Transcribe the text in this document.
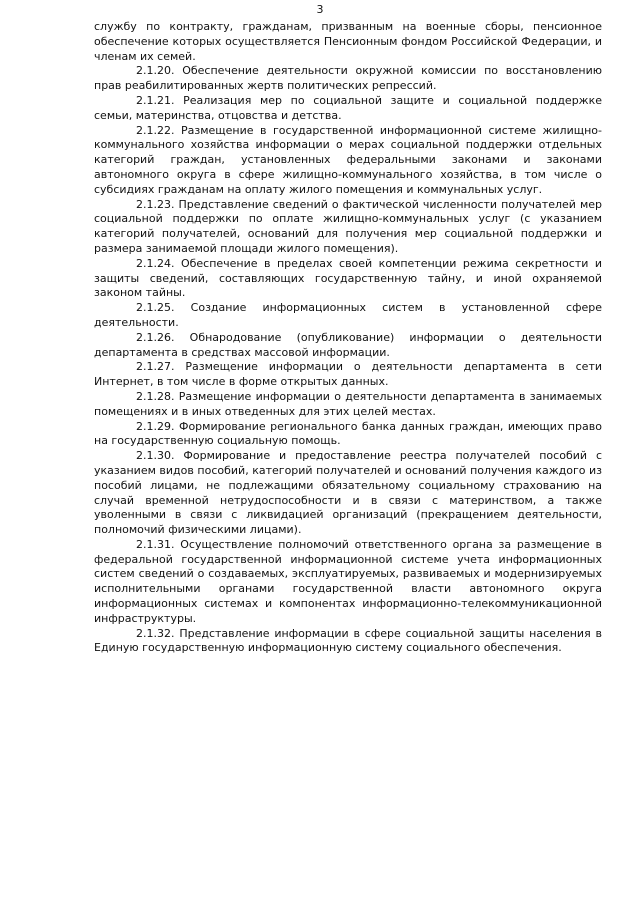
3

службу по контракту, гражданам, призванным на военные сборы, пенсионное обеспечение которых осуществляется Пенсионным фондом Российской Федерации, и членам их семей.

2.1.20. Обеспечение деятельности окружной комиссии по восстановлению прав реабилитированных жертв политических репрессий.

2.1.21. Реализация мер по социальной защите и социальной поддержке семьи, материнства, отцовства и детства.

2.1.22. Размещение в государственной информационной системе жилищно-коммунального хозяйства информации о мерах социальной поддержки отдельных категорий граждан, установленных федеральными законами и законами автономного округа в сфере жилищно-коммунального хозяйства, в том числе о субсидиях гражданам на оплату жилого помещения и коммунальных услуг.

2.1.23. Представление сведений о фактической численности получателей мер социальной поддержки по оплате жилищно-коммунальных услуг (с указанием категорий получателей, оснований для получения мер социальной поддержки и размера занимаемой площади жилого помещения).

2.1.24. Обеспечение в пределах своей компетенции режима секретности и защиты сведений, составляющих государственную тайну, и иной охраняемой законом тайны.

2.1.25. Создание информационных систем в установленной сфере деятельности.

2.1.26. Обнародование (опубликование) информации о деятельности департамента в средствах массовой информации.

2.1.27. Размещение информации о деятельности департамента в сети Интернет, в том числе в форме открытых данных.

2.1.28. Размещение информации о деятельности департамента в занимаемых помещениях и в иных отведенных для этих целей местах.

2.1.29. Формирование регионального банка данных граждан, имеющих право на государственную социальную помощь.

2.1.30. Формирование и предоставление реестра получателей пособий с указанием видов пособий, категорий получателей и оснований получения каждого из пособий лицами, не подлежащими обязательному социальному страхованию на случай временной нетрудоспособности и в связи с материнством, а также уволенными в связи с ликвидацией организаций (прекращением деятельности, полномочий физическими лицами).

2.1.31. Осуществление полномочий ответственного органа за размещение в федеральной государственной информационной системе учета информационных систем сведений о создаваемых, эксплуатируемых, развиваемых и модернизируемых исполнительными органами государственной власти автономного округа информационных системах и компонентах информационно-телекоммуникационной инфраструктуры.

2.1.32. Представление информации в сфере социальной защиты населения в Единую государственную информационную систему социального обеспечения.
